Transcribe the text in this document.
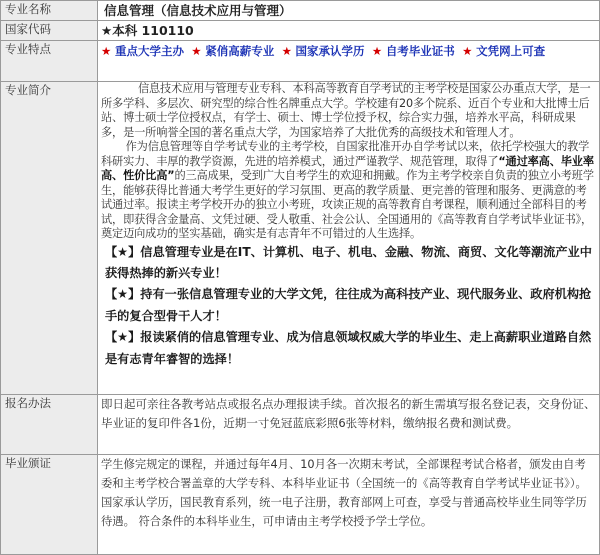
专业名称	信息管理（信息技术应用与管理）
国家代码	★本科 110110
专业特点	★ 重点大学主办 ★ 紧俏高薪专业 ★ 国家承认学历 ★ 自考毕业证书 ★ 文凭网上可查
专业简介	信息技术应用与管理专业专科、本科高等教育自学考试的主考学校是国家公办重点大学，是一所多学科、多层次、研究型的综合性名牌重点大学。学校建有20多个院系、近百个专业和大批博士后站、博士硕士学位授权点，有学士、硕士、博士学位授予权，综合实力强，培养水平高，科研成果多，是一所响誉全国的著名重点大学，为国家培养了大批优秀的高级技术和管理人才。

作为信息管理等自学考试专业的主考学校，自国家批准开办自学考试以来，依托学校强大的教学科研实力、丰厚的教学资源，先进的培养模式，通过严谨教学、规范管理，取得了“通过率高、毕业率高、性价比高”的三高成果，受到广大自考学生的欢迎和拥戴。作为主考学校亲自负责的独立小考班学生，能够获得比普通大考学生更好的学习氛围、更高的教学质量、更完善的管理和服务、更满意的考试通过率。报读主考学校开办的独立小考班，攻读正规的高等教育自考课程，顺利通过全部科目的考试，即获得含金量高、文凭过硬、受人敬重、社会公认、全国通用的《高等教育自学考试毕业证书》，奠定迈向成功的坚实基础，确实是有志青年不可错过的人生选择。

【★】信息管理专业是在IT、计算机、电子、机电、金融、物流、商贸、文化等潮流产业中获得热捧的新兴专业！

【★】持有一张信息管理专业的大学文凭，往往成为高科技产业、现代服务业、政府机构抢手的复合型骨干人才！

【★】报读紧俏的信息管理专业、成为信息领域权威大学的毕业生、走上高薪职业道路自然是有志青年睿智的选择！

报名办法	即日起可亲往各教考站点或报名点办理报读手续。首次报名的新生需填写报名登记表，交身份证、毕业证的复印件各1份，近期一寸免冠蓝底彩照6张等材料，缴纳报名费和测试费。

毕业颁证	学生修完规定的课程，并通过每年4月、10月各一次期末考试，全部课程考试合格者，颁发由自考委和主考学校合署盖章的大学专科、本科毕业证书（全国统一的《高等教育自学考试毕业证书》）。国家承认学历，国民教育系列，统一电子注册，教育部网上可查，享受与普通高校毕业生同等学历待遇。 符合条件的本科毕业生，可申请由主考学校授予学士学位。
